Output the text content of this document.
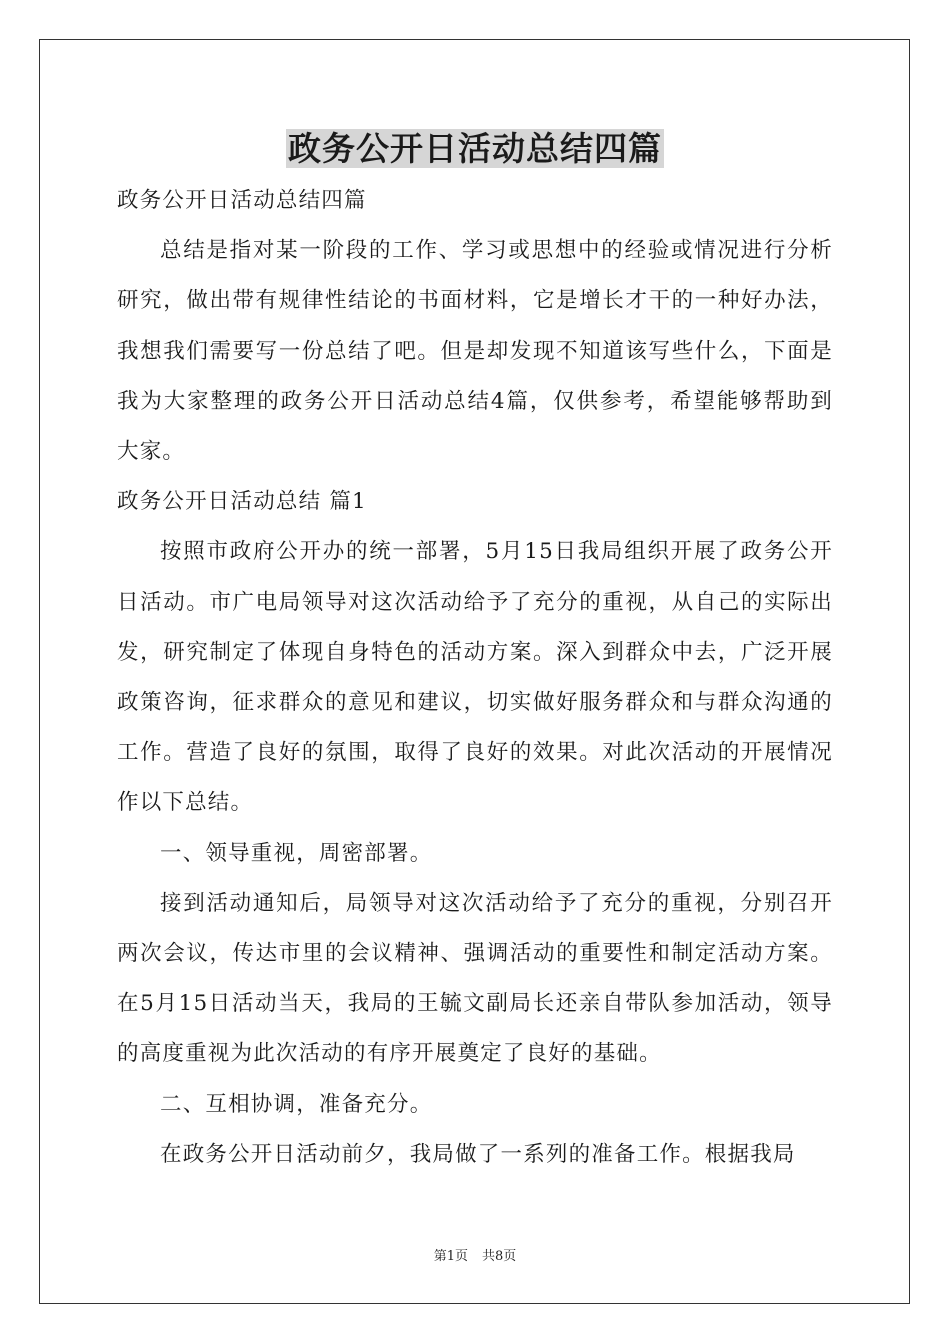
政务公开日活动总结四篇

政务公开日活动总结四篇

总结是指对某一阶段的工作、学习或思想中的经验或情况进行分析研究，做出带有规律性结论的书面材料，它是增长才干的一种好办法，我想我们需要写一份总结了吧。但是却发现不知道该写些什么，下面是我为大家整理的政务公开日活动总结4篇，仅供参考，希望能够帮助到大家。

政务公开日活动总结 篇1

按照市政府公开办的统一部署，5月15日我局组织开展了政务公开日活动。市广电局领导对这次活动给予了充分的重视，从自己的实际出发，研究制定了体现自身特色的活动方案。深入到群众中去，广泛开展政策咨询，征求群众的意见和建议，切实做好服务群众和与群众沟通的工作。营造了良好的氛围，取得了良好的效果。对此次活动的开展情况作以下总结。

一、领导重视，周密部署。

接到活动通知后，局领导对这次活动给予了充分的重视，分别召开两次会议，传达市里的会议精神、强调活动的重要性和制定活动方案。在5月15日活动当天，我局的王毓文副局长还亲自带队参加活动，领导的高度重视为此次活动的有序开展奠定了良好的基础。

二、互相协调，准备充分。

在政务公开日活动前夕，我局做了一系列的准备工作。根据我局

第1页 共8页
